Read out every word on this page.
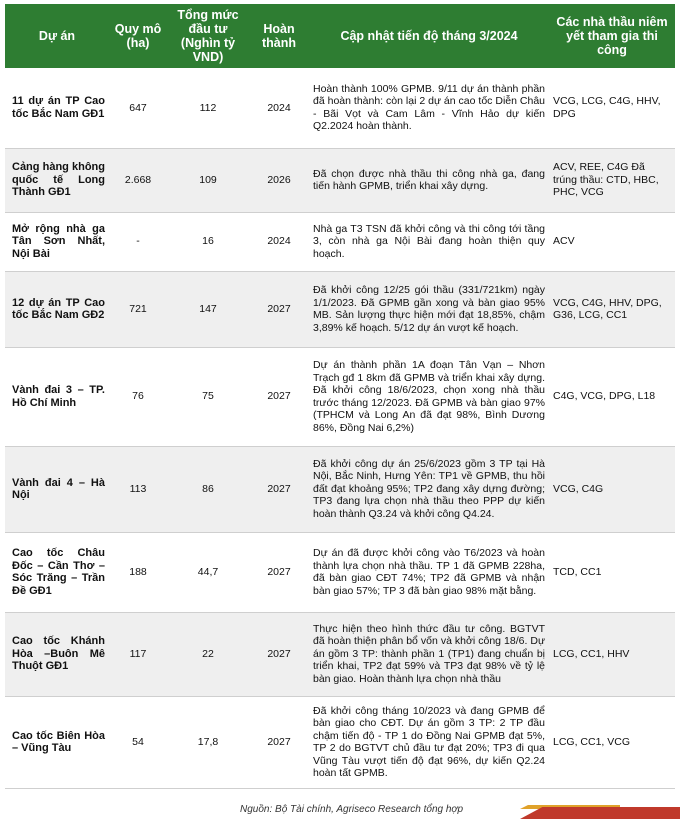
Dự án	Quy mô (ha)	Tổng mức đầu tư (Nghìn tỷ VND)	Hoàn thành	Cập nhật tiến độ tháng 3/2024	Các nhà thầu niêm yết tham gia thi công
11 dự án TP Cao tốc Bắc Nam GĐ1	647	112	2024	Hoàn thành 100% GPMB. 9/11 dự án thành phần đã hoàn thành: còn lại 2 dự án cao tốc Diễn Châu - Bãi Vọt và Cam Lâm - Vĩnh Hảo dự kiến Q2.2024 hoàn thành.	VCG, LCG, C4G, HHV, DPG
Cảng hàng không quốc tế Long Thành GĐ1	2.668	109	2026	Đã chọn được nhà thầu thi công nhà ga, đang tiến hành GPMB, triển khai xây dựng.	ACV, REE, C4G Đã trúng thầu: CTD, HBC, PHC, VCG
Mở rộng nhà ga Tân Sơn Nhất, Nội Bài	-	16	2024	Nhà ga T3 TSN đã khởi công và thi công tới tầng 3, còn nhà ga Nội Bài đang hoàn thiện quy hoạch.	ACV
12 dự án TP Cao tốc Bắc Nam GĐ2	721	147	2027	Đã khởi công 12/25 gói thầu (331/721km) ngày 1/1/2023. Đã GPMB gần xong và bàn giao 95% MB. Sản lượng thực hiện mới đạt 18,85%, chậm 3,89% kế hoạch. 5/12 dự án vượt kế hoạch.	VCG, C4G, HHV, DPG, G36, LCG, CC1
Vành đai 3 – TP. Hồ Chí Minh	76	75	2027	Dự án thành phần 1A đoạn Tân Vạn – Nhơn Trạch gđ 1 8km đã GPMB và triển khai xây dựng. Đã khởi công 18/6/2023, chọn xong nhà thầu trước tháng 12/2023. Đã GPMB và bàn giao 97% (TPHCM và Long An đã đạt 98%, Bình Dương 86%, Đồng Nai 6,2%)	C4G, VCG, DPG, L18
Vành đai 4 – Hà Nội	113	86	2027	Đã khởi công dự án 25/6/2023 gồm 3 TP tại Hà Nội, Bắc Ninh, Hưng Yên: TP1 về GPMB, thu hồi đất đạt khoảng 95%; TP2 đang xây dựng đường; TP3 đang lựa chọn nhà thầu theo PPP dự kiến hoàn thành Q3.24 và khởi công Q4.24.	VCG, C4G
Cao tốc Châu Đốc – Cần Thơ – Sóc Trăng – Trần Đề GĐ1	188	44,7	2027	Dự án đã được khởi công vào T6/2023 và hoàn thành lựa chọn nhà thầu. TP 1 đã GPMB 228ha, đã bàn giao CĐT 74%; TP2 đã GPMB và nhận bàn giao 57%; TP 3 đã bàn giao 98% mặt bằng.	TCD, CC1
Cao tốc Khánh Hòa –Buôn Mê Thuột GĐ1	117	22	2027	Thực hiện theo hình thức đầu tư công. BGTVT đã hoàn thiện phân bổ vốn và khởi công 18/6. Dự án gồm 3 TP: thành phần 1 (TP1) đang chuẩn bị triển khai, TP2 đạt 59% và TP3 đạt 98% về tỷ lệ bàn giao. Hoàn thành lựa chọn nhà thầu	LCG, CC1, HHV
Cao tốc Biên Hòa – Vũng Tàu	54	17,8	2027	Đã khởi công tháng 10/2023 và đang GPMB để bàn giao cho CĐT. Dự án gồm 3 TP: 2 TP đầu chậm tiến độ - TP 1 do Đồng Nai GPMB đạt 5%, TP 2 do BGTVT chủ đầu tư đạt 20%; TP3 đi qua Vũng Tàu vượt tiến độ đạt 96%, dự kiến Q2.24 hoàn tất GPMB.	LCG, CC1, VCG
Nguồn: Bộ Tài chính, Agriseco Research tổng hợp
